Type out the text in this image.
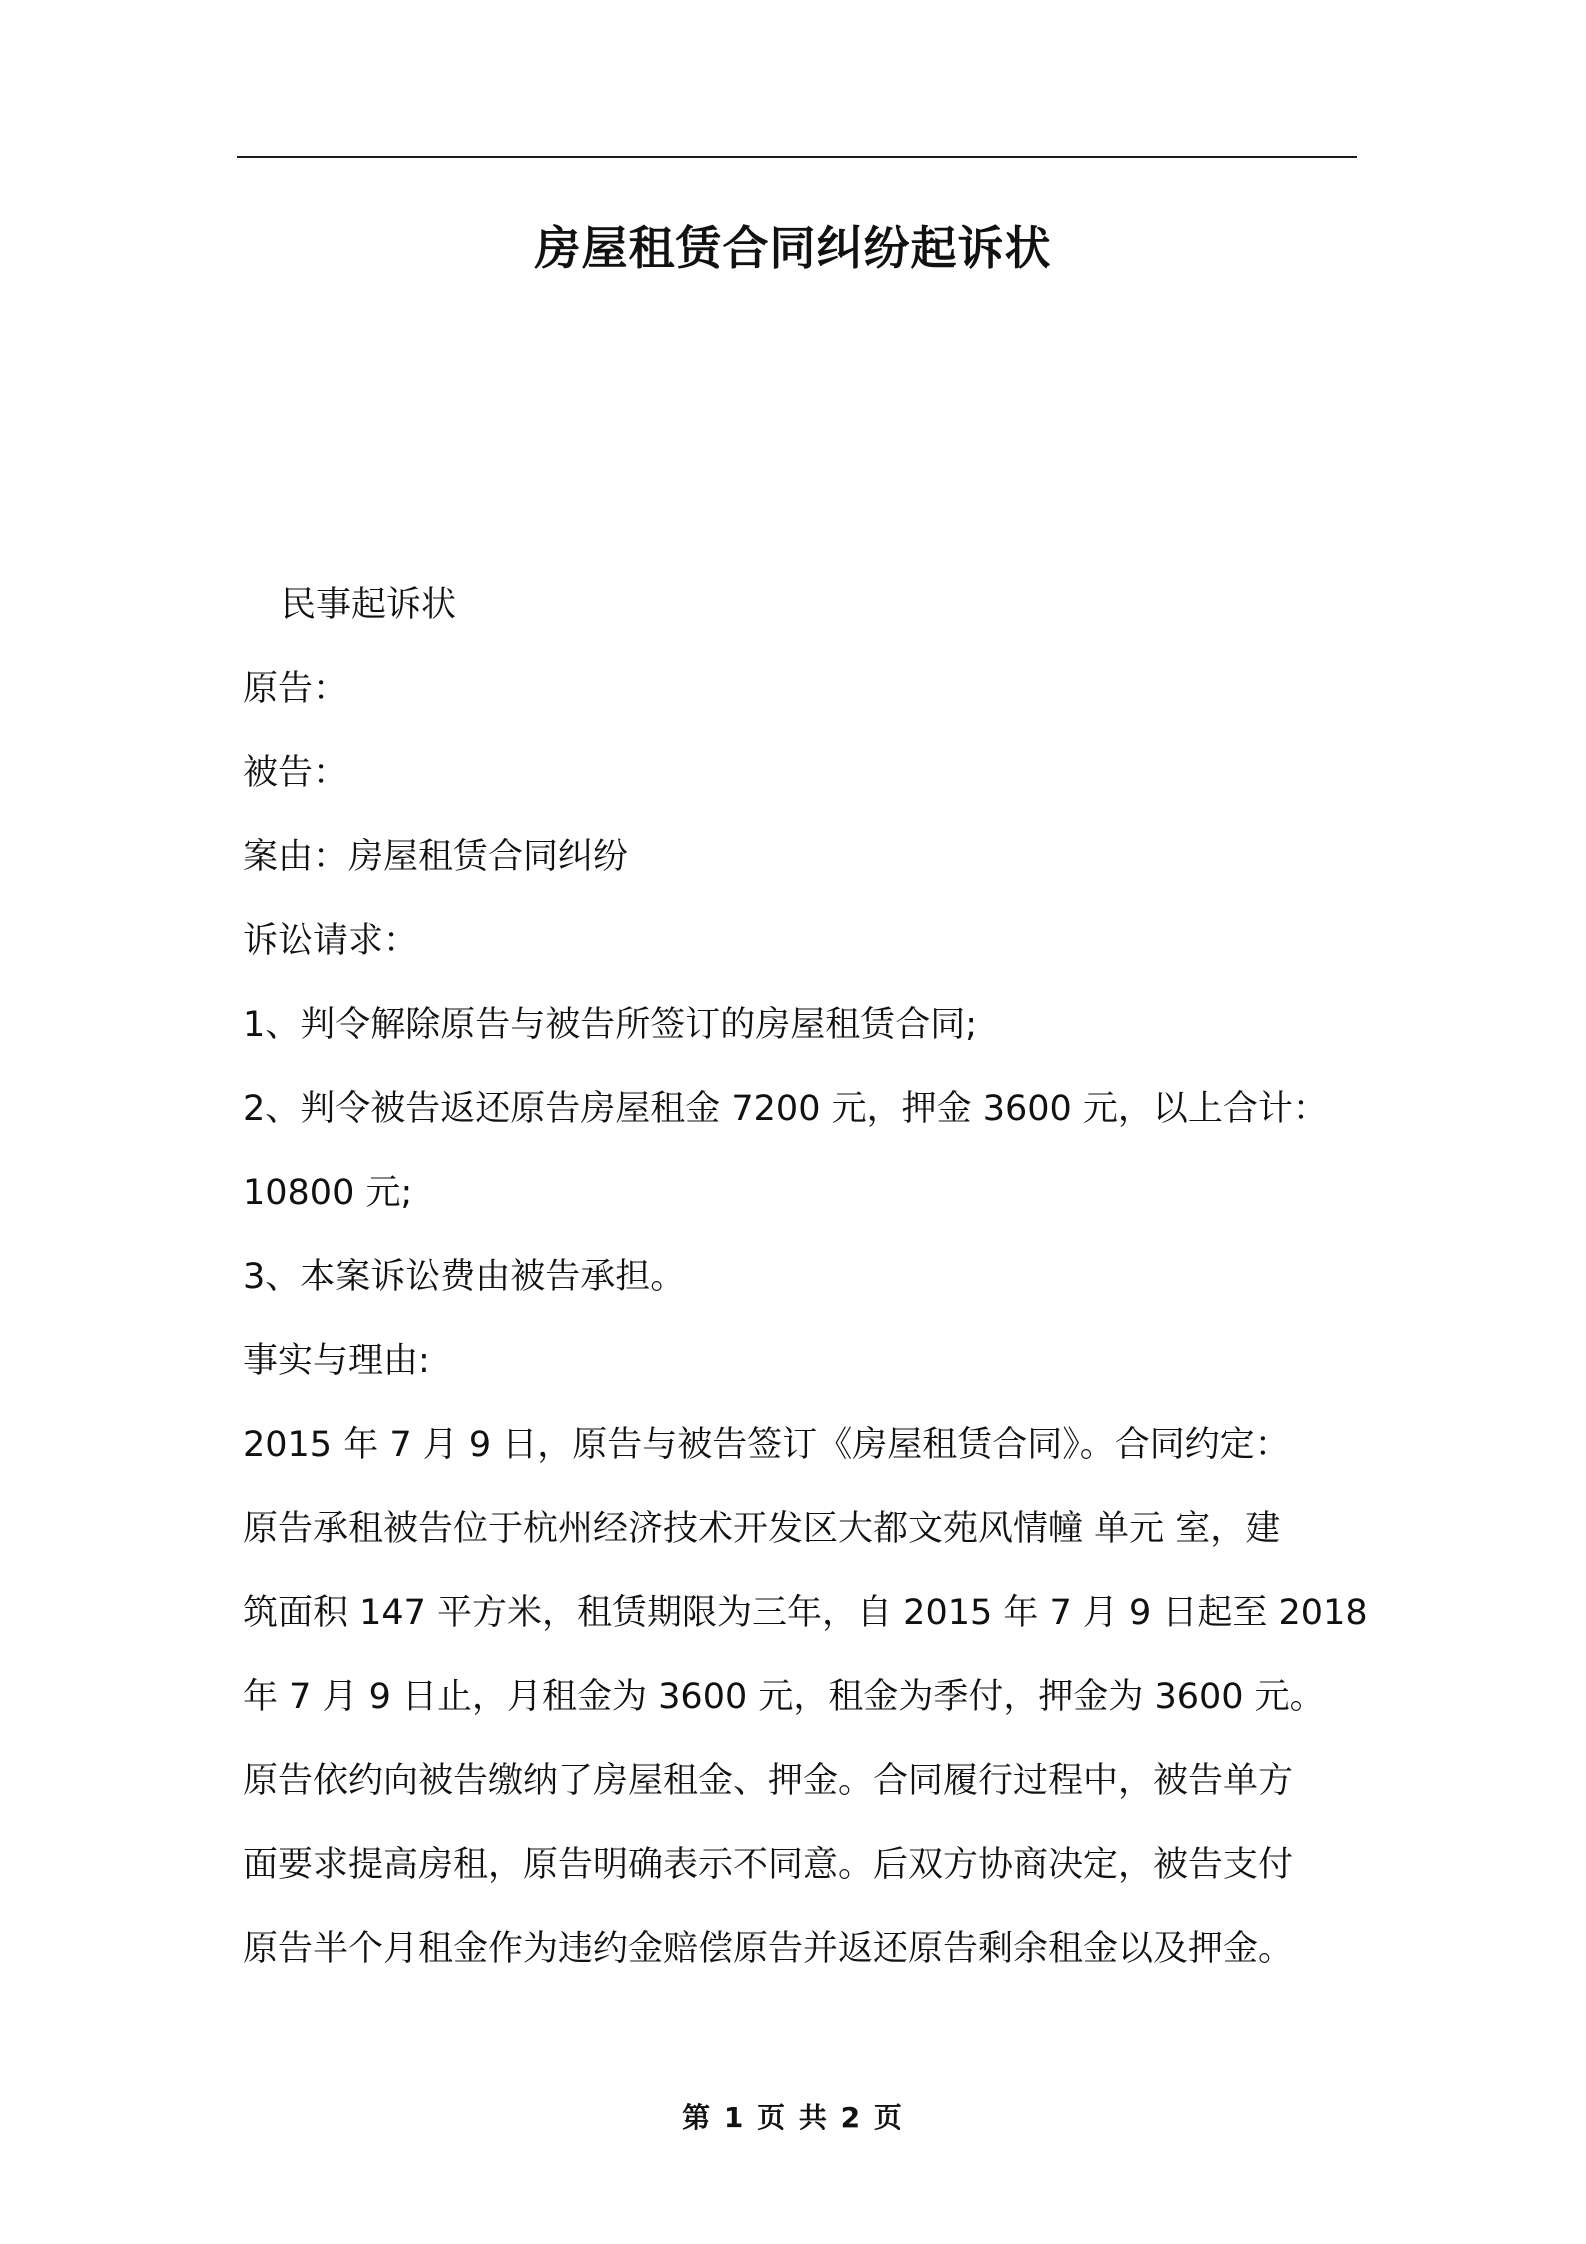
房屋租赁合同纠纷起诉状
民事起诉状
原告：
被告：
案由：房屋租赁合同纠纷
诉讼请求：
1、判令解除原告与被告所签订的房屋租赁合同;
2、判令被告返还原告房屋租金 7200 元，押金 3600 元，以上合计：
10800 元;
3、本案诉讼费由被告承担。
事实与理由:
2015 年 7 月 9 日，原告与被告签订《房屋租赁合同》。合同约定：
原告承租被告位于杭州经济技术开发区大都文苑风情幢 单元 室，建
筑面积 147 平方米，租赁期限为三年，自 2015 年 7 月 9 日起至 2018
年 7 月 9 日止，月租金为 3600 元，租金为季付，押金为 3600 元。
原告依约向被告缴纳了房屋租金、押金。合同履行过程中，被告单方
面要求提高房租，原告明确表示不同意。后双方协商决定，被告支付
原告半个月租金作为违约金赔偿原告并返还原告剩余租金以及押金。
第 1 页 共 2 页
